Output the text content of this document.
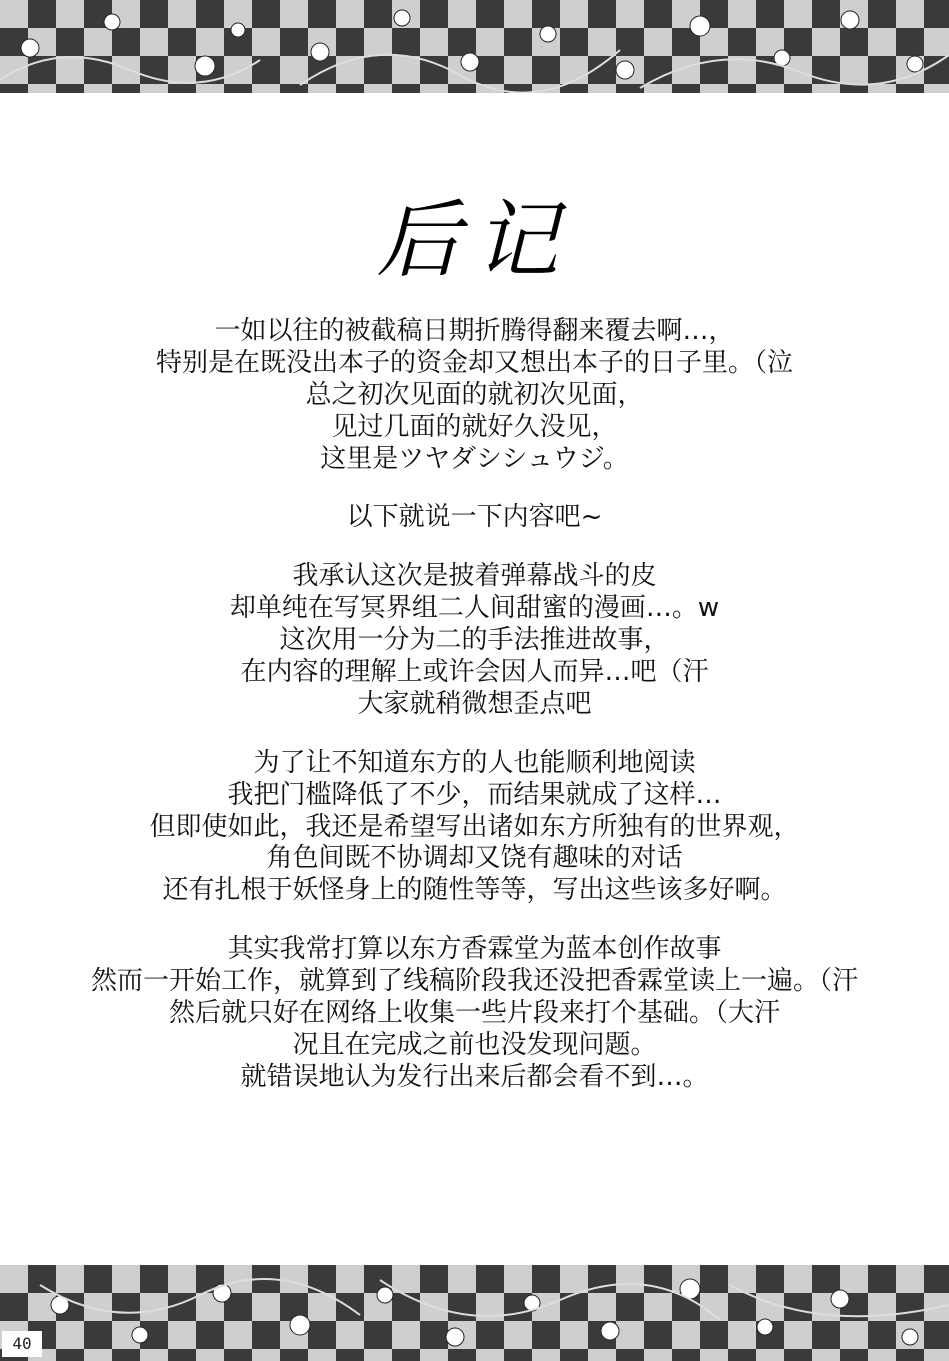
后记
一如以往的被截稿日期折腾得翻来覆去啊…，
特别是在既没出本子的资金却又想出本子的日子里。（泣
总之初次见面的就初次见面，
见过几面的就好久没见，
这里是ツヤダシシュウジ。
以下就说一下内容吧~
我承认这次是披着弹幕战斗的皮
却单纯在写冥界组二人间甜蜜的漫画…。w
这次用一分为二的手法推进故事，
在内容的理解上或许会因人而异…吧（汗
大家就稍微想歪点吧
为了让不知道东方的人也能顺利地阅读
我把门槛降低了不少，而结果就成了这样…
但即使如此，我还是希望写出诸如东方所独有的世界观，
角色间既不协调却又饶有趣味的对话
还有扎根于妖怪身上的随性等等，写出这些该多好啊。
其实我常打算以东方香霖堂为蓝本创作故事
然而一开始工作，就算到了线稿阶段我还没把香霖堂读上一遍。（汗
然后就只好在网络上收集一些片段来打个基础。（大汗
况且在完成之前也没发现问题。
就错误地认为发行出来后都会看不到…。
40
